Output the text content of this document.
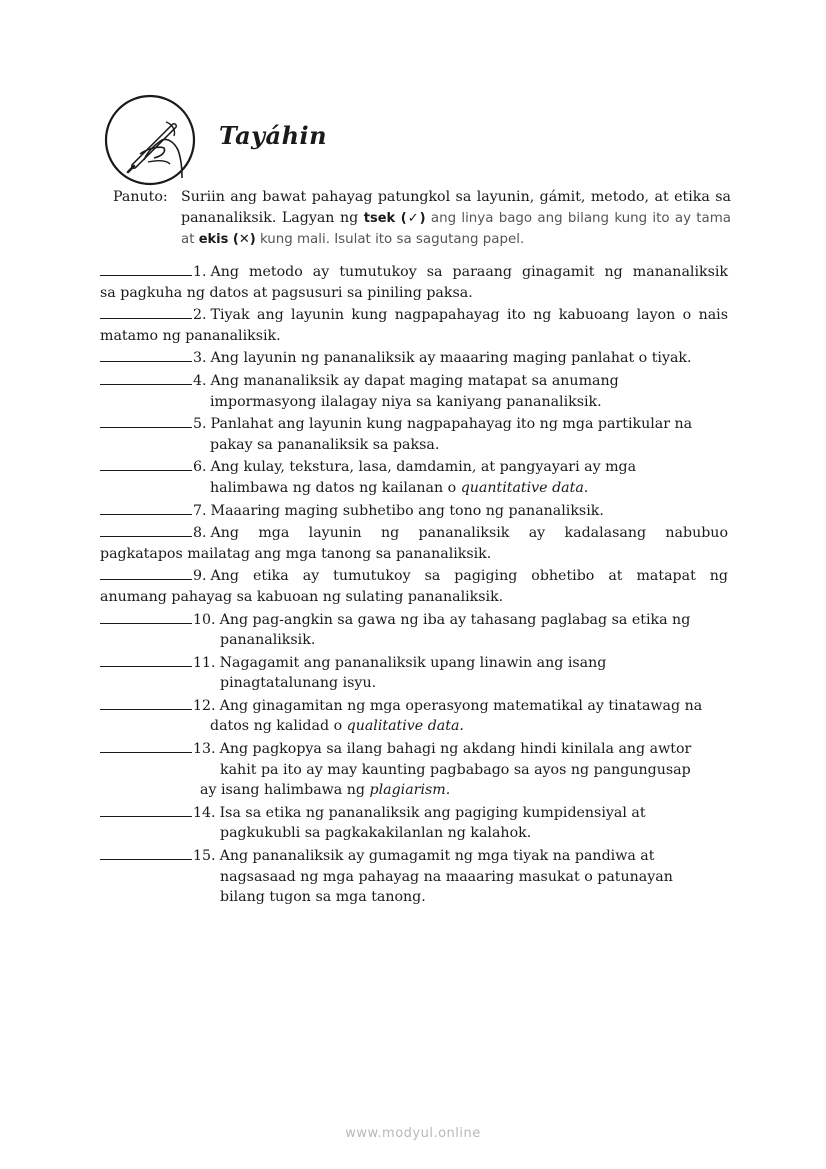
Tayáhin
Panuto: Suriin ang bawat pahayag patungkol sa layunin, gámit, metodo, at etika sa pananaliksik. Lagyan ng tsek (✓) ang linya bago ang bilang kung ito ay tama at ekis (✕) kung mali. Isulat ito sa sagutang papel.
1. Ang metodo ay tumutukoy sa paraang ginagamit ng mananaliksik
sa pagkuha ng datos at pagsusuri sa piniling paksa.
2. Tiyak ang layunin kung nagpapahayag ito ng kabuoang layon o nais
matamo ng pananaliksik.
3. Ang layunin ng pananaliksik ay maaaring maging panlahat o tiyak.
4. Ang mananaliksik ay dapat maging matapat sa anumang
impormasyong ilalagay niya sa kaniyang pananaliksik.
5. Panlahat ang layunin kung nagpapahayag ito ng mga partikular na
pakay sa pananaliksik sa paksa.
6. Ang kulay, tekstura, lasa, damdamin, at pangyayari ay mga
halimbawa ng datos ng kailanan o quantitative data.
7. Maaaring maging subhetibo ang tono ng pananaliksik.
8. Ang mga layunin ng pananaliksik ay kadalasang nabubuo
pagkatapos mailatag ang mga tanong sa pananaliksik.
9. Ang etika ay tumutukoy sa pagiging obhetibo at matapat ng
anumang pahayag sa kabuoan ng sulating pananaliksik.
10. Ang pag-angkin sa gawa ng iba ay tahasang paglabag sa etika ng
pananaliksik.
11. Nagagamit ang pananaliksik upang linawin ang isang
pinagtatalunang isyu.
12. Ang ginagamitan ng mga operasyong matematikal ay tinatawag na
datos ng kalidad o qualitative data.
13. Ang pagkopya sa ilang bahagi ng akdang hindi kinilala ang awtor
kahit pa ito ay may kaunting pagbabago sa ayos ng pangungusap
ay isang halimbawa ng plagiarism.
14. Isa sa etika ng pananaliksik ang pagiging kumpidensiyal at
pagkukubli sa pagkakakilanlan ng kalahok.
15. Ang pananaliksik ay gumagamit ng mga tiyak na pandiwa at
nagsasaad ng mga pahayag na maaaring masukat o patunayan
bilang tugon sa mga tanong.
www.modyul.online
